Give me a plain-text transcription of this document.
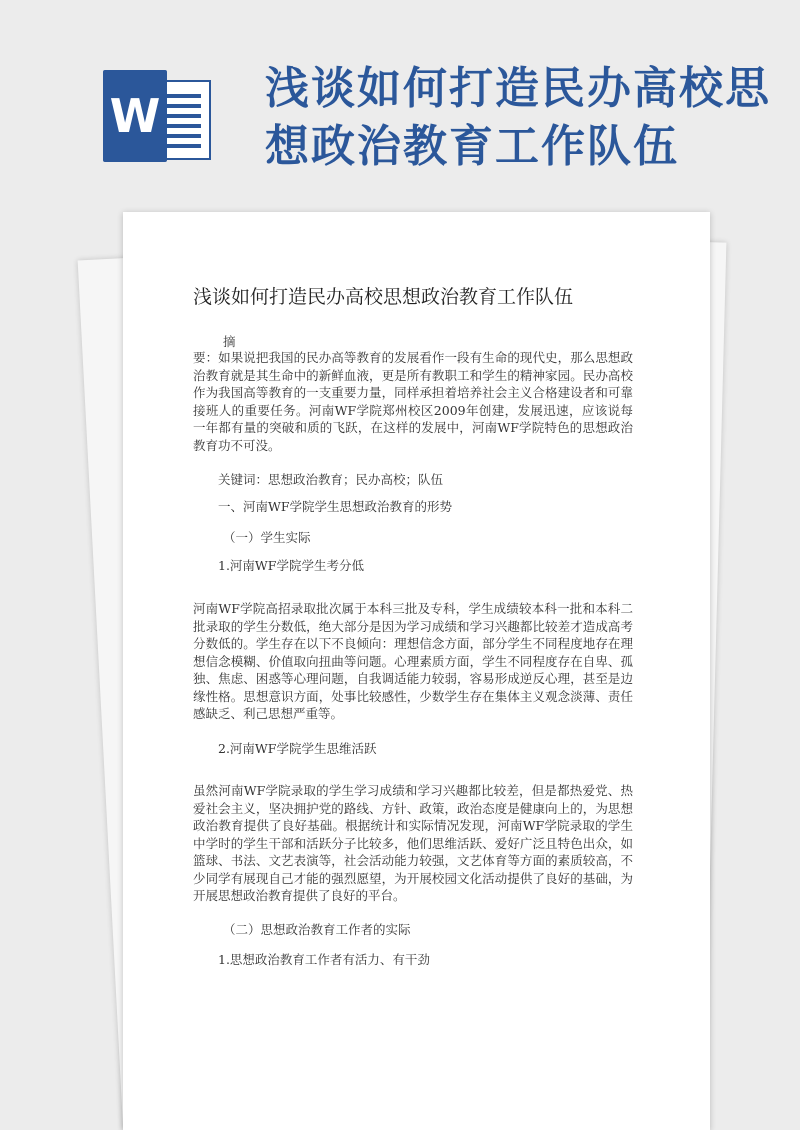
W
浅谈如何打造民办高校思想政治教育工作队伍
浅谈如何打造民办高校思想政治教育工作队伍
摘
要：如果说把我国的民办高等教育的发展看作一段有生命的现代史，那么思想政治教育就是其生命中的新鲜血液，更是所有教职工和学生的精神家园。民办高校作为我国高等教育的一支重要力量，同样承担着培养社会主义合格建设者和可靠接班人的重要任务。河南WF学院郑州校区2009年创建，发展迅速，应该说每一年都有量的突破和质的飞跃，在这样的发展中，河南WF学院特色的思想政治教育功不可没。
关键词：思想政治教育；民办高校；队伍
一、河南WF学院学生思想政治教育的形势
（一）学生实际
1.河南WF学院学生考分低
河南WF学院高招录取批次属于本科三批及专科，学生成绩较本科一批和本科二批录取的学生分数低，绝大部分是因为学习成绩和学习兴趣都比较差才造成高考分数低的。学生存在以下不良倾向：理想信念方面，部分学生不同程度地存在理想信念模糊、价值取向扭曲等问题。心理素质方面，学生不同程度存在自卑、孤独、焦虑、困惑等心理问题，自我调适能力较弱，容易形成逆反心理，甚至是边缘性格。思想意识方面，处事比较感性，少数学生存在集体主义观念淡薄、责任感缺乏、利己思想严重等。
2.河南WF学院学生思维活跃
虽然河南WF学院录取的学生学习成绩和学习兴趣都比较差，但是都热爱党、热爱社会主义，坚决拥护党的路线、方针、政策，政治态度是健康向上的，为思想政治教育提供了良好基础。根据统计和实际情况发现，河南WF学院录取的学生中学时的学生干部和活跃分子比较多，他们思维活跃、爱好广泛且特色出众，如篮球、书法、文艺表演等，社会活动能力较强，文艺体育等方面的素质较高，不少同学有展现自己才能的强烈愿望，为开展校园文化活动提供了良好的基础，为开展思想政治教育提供了良好的平台。
（二）思想政治教育工作者的实际
1.思想政治教育工作者有活力、有干劲
